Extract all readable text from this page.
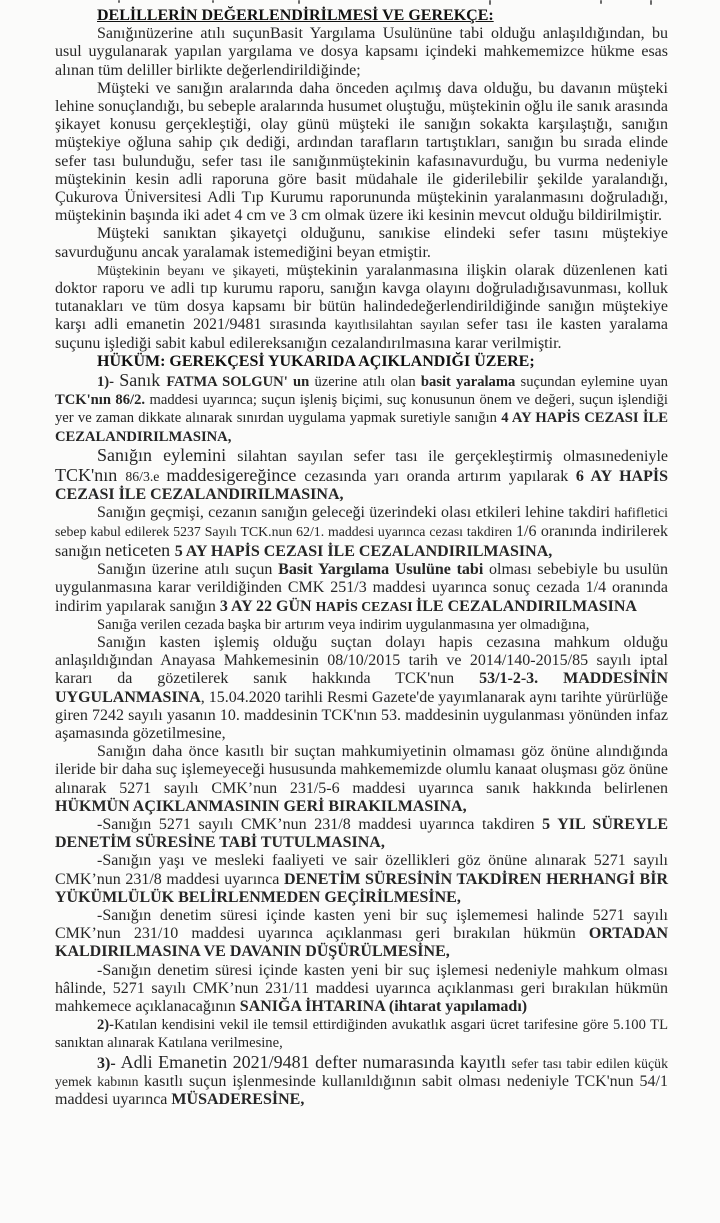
DELİLLERİN DEĞERLENDİRİLMESİ VE GEREKÇE:

Sanığınüzerine atılı suçunBasit Yargılama Usulününe tabi olduğu anlaşıldığından, bu usul uygulanarak yapılan yargılama ve dosya kapsamı içindeki mahkememizce hükme esas alınan tüm deliller birlikte değerlendirildiğinde;

Müşteki ve sanığın aralarında daha önceden açılmış dava olduğu, bu davanın müşteki lehine sonuçlandığı, bu sebeple aralarında husumet oluştuğu, müştekinin oğlu ile sanık arasında şikayet konusu gerçekleştiği, olay günü müşteki ile sanığın sokakta karşılaştığı, sanığın müştekiye oğluna sahip çık dediği, ardından tarafların tartıştıkları, sanığın bu sırada elinde sefer tası bulunduğu, sefer tası ile sanığınmüştekinin kafasınavurduğu, bu vurma nedeniyle müştekinin kesin adli raporuna göre basit müdahale ile giderilebilir şekilde yaralandığı, Çukurova Üniversitesi Adli Tıp Kurumu raporununda müştekinin yaralanmasını doğruladığı, müştekinin başında iki adet 4 cm ve 3 cm olmak üzere iki kesinin mevcut olduğu bildirilmiştir.

Müşteki sanıktan şikayetçi olduğunu, sanıkise elindeki sefer tasını müştekiye savurduğunu ancak yaralamak istemediğini beyan etmiştir.

Müştekinin beyanı ve şikayeti, müştekinin yaralanmasına ilişkin olarak düzenlenen kati doktor raporu ve adli tıp kurumu raporu, sanığın kavga olayını doğruladığısavunması, kolluk tutanakları ve tüm dosya kapsamı bir bütün halindedeğerlendirildiğinde sanığın müştekiye karşı adli emanetin 2021/9481 sırasında kayıtlısilahtan sayılan sefer tası ile kasten yaralama suçunu işlediği sabit kabul edilereksanığın cezalandırılmasına karar verilmiştir.

HÜKÜM: GEREKÇESİ YUKARIDA AÇIKLANDIĞI ÜZERE;

1)- Sanık FATMA SOLGUN' un üzerine atılı olan basit yaralama suçundan eylemine uyan TCK'nın 86/2. maddesi uyarınca; suçun işleniş biçimi, suç konusunun önem ve değeri, suçun işlendiği yer ve zaman dikkate alınarak sınırdan uygulama yapmak suretiyle sanığın 4 AY HAPİS CEZASI İLE CEZALANDIRILMASINA,

Sanığın eylemini silahtan sayılan sefer tası ile gerçekleştirmiş olmasınedeniyle TCK'nın 86/3.e maddesigereğince cezasında yarı oranda artırım yapılarak 6 AY HAPİS CEZASI İLE CEZALANDIRILMASINA,

Sanığın geçmişi, cezanın sanığın geleceği üzerindeki olası etkileri lehine takdiri hafifletici sebep kabul edilerek 5237 Sayılı TCK.nun 62/1. maddesi uyarınca cezası takdiren 1/6 oranında indirilerek sanığın neticeten 5 AY HAPİS CEZASI İLE CEZALANDIRILMASINA,

Sanığın üzerine atılı suçun Basit Yargılama Usulüne tabi olması sebebiyle bu usulün uygulanmasına karar verildiğinden CMK 251/3 maddesi uyarınca sonuç cezada 1/4 oranında indirim yapılarak sanığın 3 AY 22 GÜN HAPİS CEZASI İLE CEZALANDIRILMASINA

Sanığa verilen cezada başka bir artırım veya indirim uygulanmasına yer olmadığına,

Sanığın kasten işlemiş olduğu suçtan dolayı hapis cezasına mahkum olduğu anlaşıldığından Anayasa Mahkemesinin 08/10/2015 tarih ve 2014/140-2015/85 sayılı iptal kararı da gözetilerek sanık hakkında TCK'nun 53/1-2-3. MADDESİNİN UYGULANMASINA, 15.04.2020 tarihli Resmi Gazete'de yayımlanarak aynı tarihte yürürlüğe giren 7242 sayılı yasanın 10. maddesinin TCK'nın 53. maddesinin uygulanması yönünden infaz aşamasında gözetilmesine,

Sanığın daha önce kasıtlı bir suçtan mahkumiyetinin olmaması göz önüne alındığında ileride bir daha suç işlemeyeceği hususunda mahkememizde olumlu kanaat oluşması göz önüne alınarak 5271 sayılı CMK’nun 231/5-6 maddesi uyarınca sanık hakkında belirlenen HÜKMÜN AÇIKLANMASININ GERİ BIRAKILMASINA,

-Sanığın 5271 sayılı CMK’nun 231/8 maddesi uyarınca takdiren 5 YIL SÜREYLE DENETİM SÜRESİNE TABİ TUTULMASINA,

-Sanığın yaşı ve mesleki faaliyeti ve sair özellikleri göz önüne alınarak 5271 sayılı CMK’nun 231/8 maddesi uyarınca DENETİM SÜRESİNİN TAKDİREN HERHANGİ BİR YÜKÜMLÜLÜK BELİRLENMEDEN GEÇİRİLMESİNE,

-Sanığın denetim süresi içinde kasten yeni bir suç işlememesi halinde 5271 sayılı CMK’nun 231/10 maddesi uyarınca açıklanması geri bırakılan hükmün ORTADAN KALDIRILMASINA VE DAVANIN DÜŞÜRÜLMESİNE,

-Sanığın denetim süresi içinde kasten yeni bir suç işlemesi nedeniyle mahkum olması hâlinde, 5271 sayılı CMK’nun 231/11 maddesi uyarınca açıklanması geri bırakılan hükmün mahkemece açıklanacağının SANIĞA İHTARINA (ihtarat yapılamadı)

2)-Katılan kendisini vekil ile temsil ettirdiğinden avukatlık asgari ücret tarifesine göre 5.100 TL sanıktan alınarak Katılana verilmesine,

3)- Adli Emanetin 2021/9481 defter numarasında kayıtlı sefer tası tabir edilen küçük yemek kabının kasıtlı suçun işlenmesinde kullanıldığının sabit olması nedeniyle TCK'nun 54/1 maddesi uyarınca MÜSADERESİNE,
